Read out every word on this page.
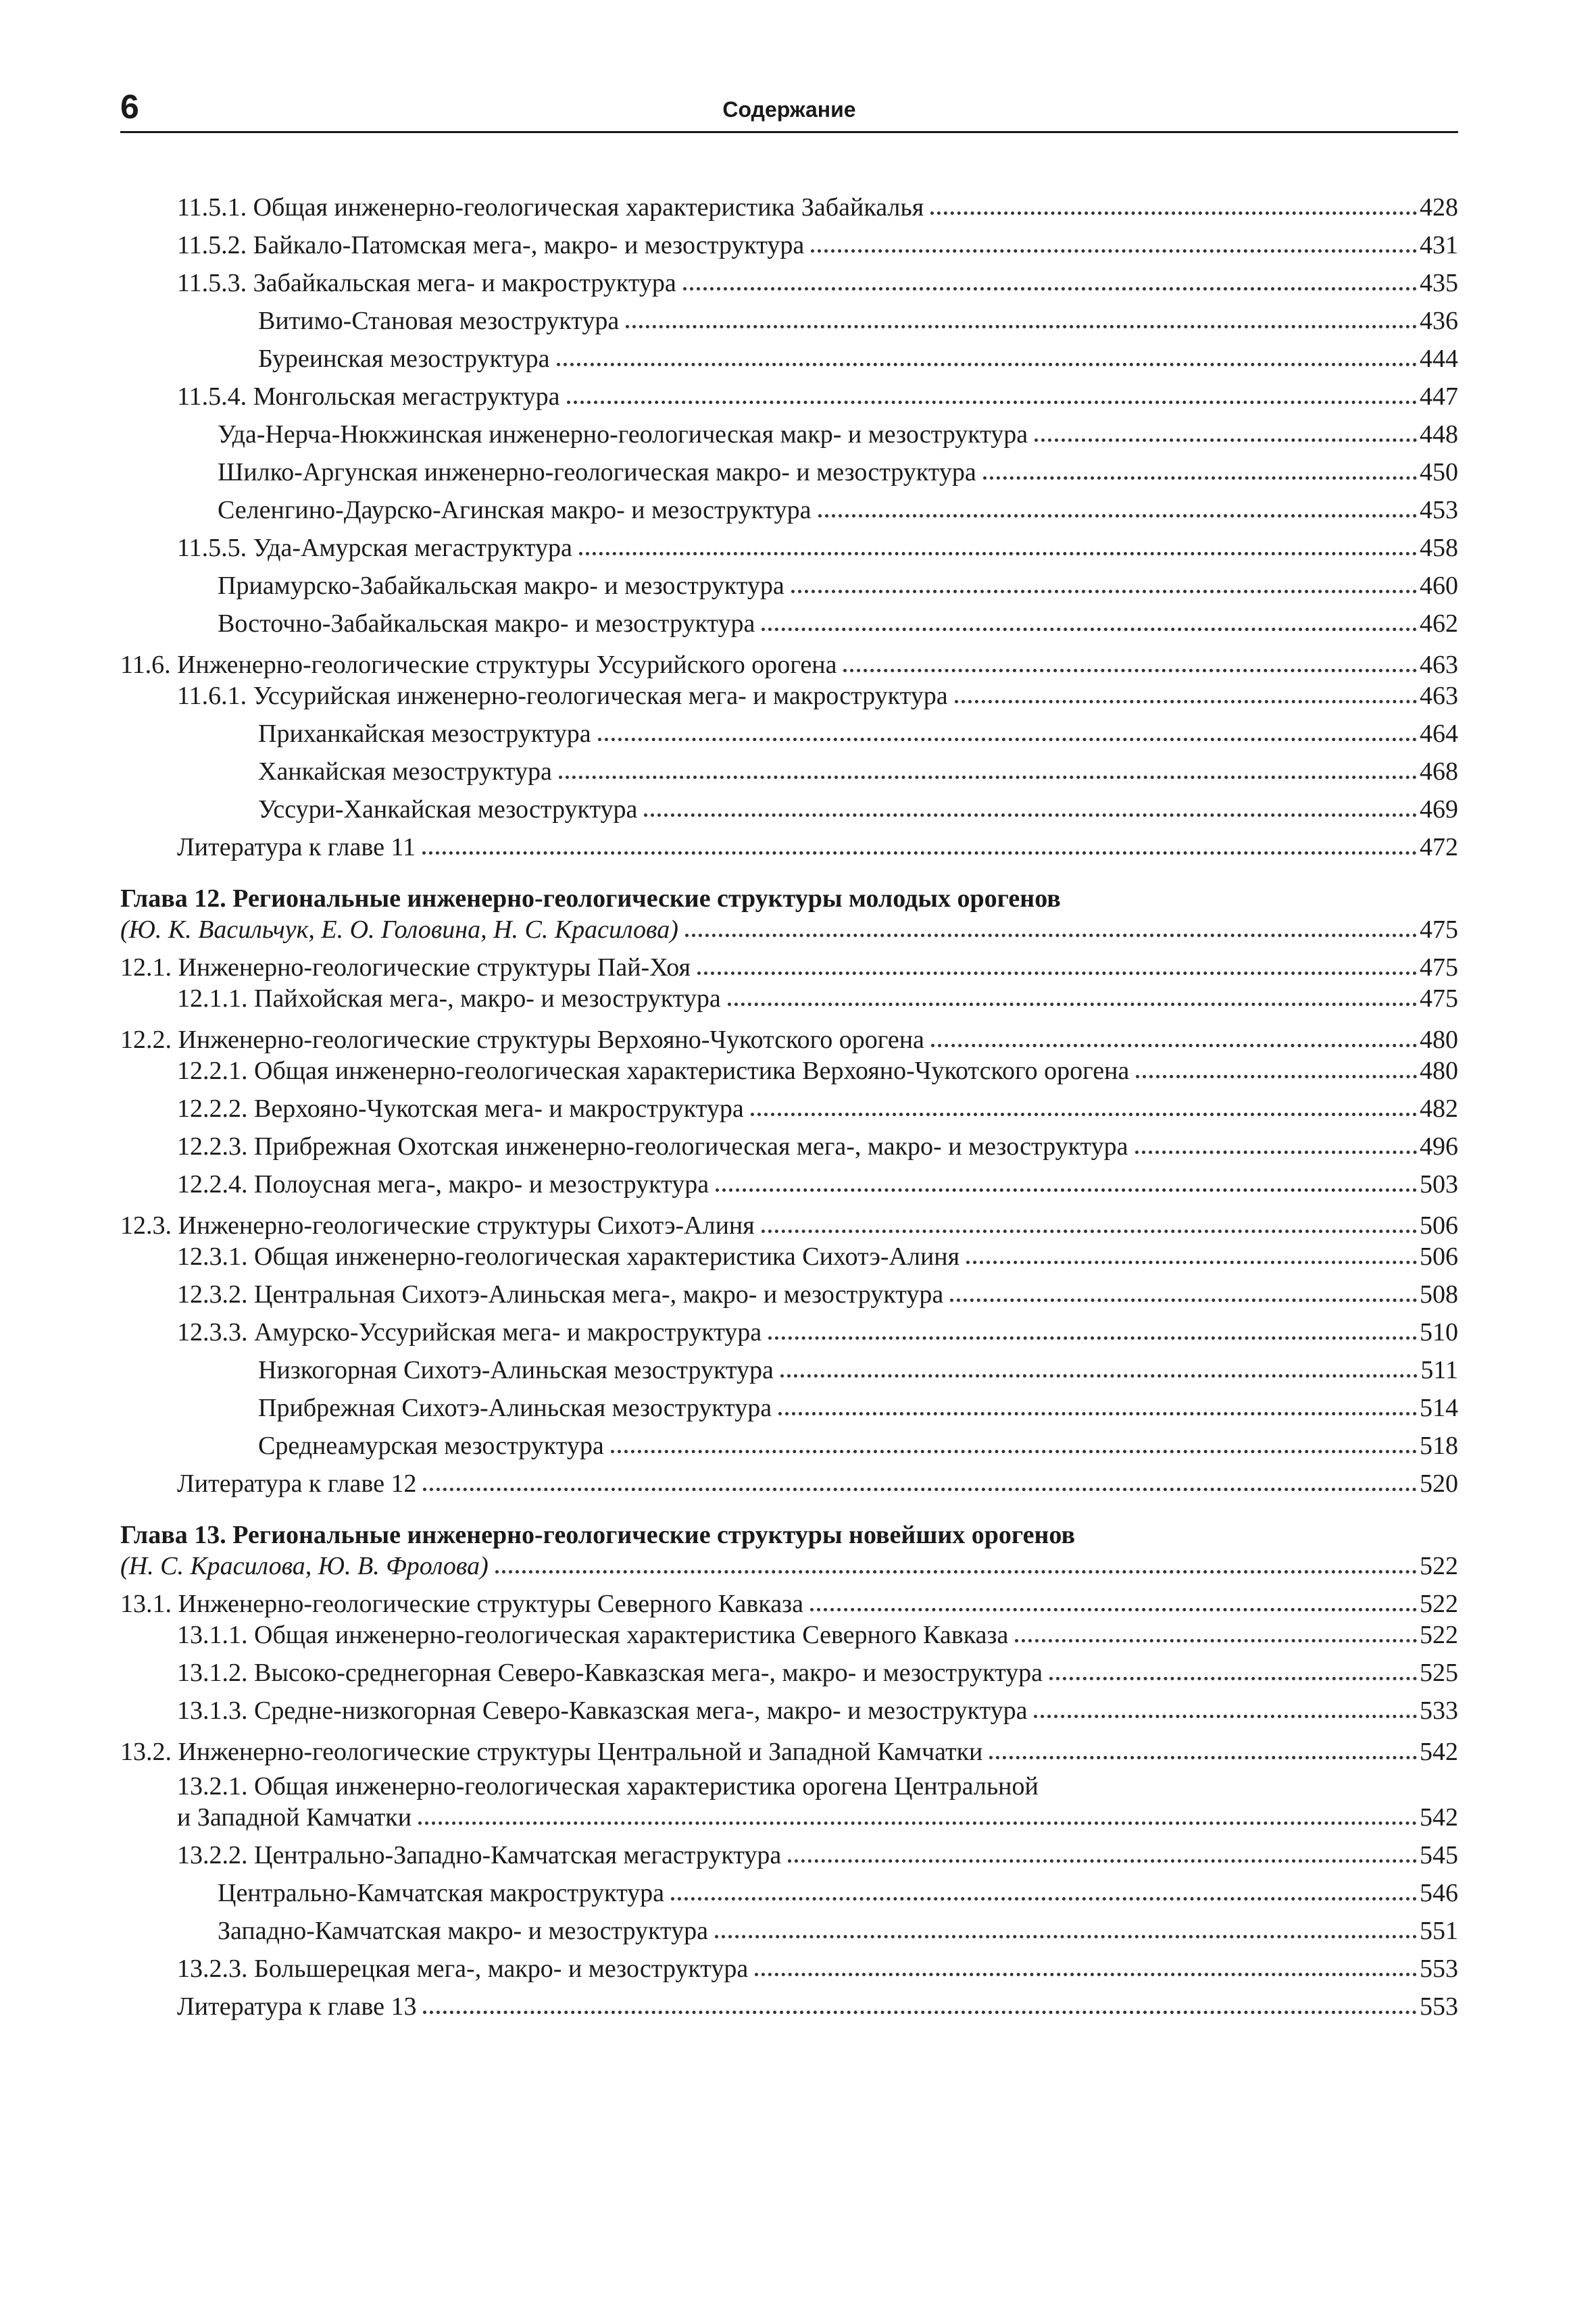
6	Содержание
11.5.1. Общая инженерно-геологическая характеристика Забайкалья	428
11.5.2. Байкало-Патомская мега-, макро- и мезоструктура	431
11.5.3. Забайкальская мега- и макроструктура	435
Витимо-Становая мезоструктура	436
Буреинская мезоструктура	444
11.5.4. Монгольская мегаструктура	447
Уда-Нерча-Нюкжинская инженерно-геологическая макр- и мезоструктура	448
Шилко-Аргунская инженерно-геологическая макро- и мезоструктура	450
Селенгино-Даурско-Агинская макро- и мезоструктура	453
11.5.5. Уда-Амурская мегаструктура	458
Приамурско-Забайкальская макро- и мезоструктура	460
Восточно-Забайкальская макро- и мезоструктура	462
11.6. Инженерно-геологические структуры Уссурийского орогена	463
11.6.1. Уссурийская инженерно-геологическая мега- и макроструктура	463
Приханкайская мезоструктура	464
Ханкайская мезоструктура	468
Уссури-Ханкайская мезоструктура	469
Литература к главе 11	472
Глава 12. Региональные инженерно-геологические структуры молодых орогенов
(Ю. К. Васильчук, Е. О. Головина, Н. С. Красилова)	475
12.1. Инженерно-геологические структуры Пай-Хоя	475
12.1.1. Пайхойская мега-, макро- и мезоструктура	475
12.2. Инженерно-геологические структуры Верхояно-Чукотского орогена	480
12.2.1. Общая инженерно-геологическая характеристика Верхояно-Чукотского орогена	480
12.2.2. Верхояно-Чукотская мега- и макроструктура	482
12.2.3. Прибрежная Охотская инженерно-геологическая мега-, макро- и мезоструктура	496
12.2.4. Полоусная мега-, макро- и мезоструктура	503
12.3. Инженерно-геологические структуры Сихотэ-Алиня	506
12.3.1. Общая инженерно-геологическая характеристика Сихотэ-Алиня	506
12.3.2. Центральная Сихотэ-Алиньская мега-, макро- и мезоструктура	508
12.3.3. Амурско-Уссурийская мега- и макроструктура	510
Низкогорная Сихотэ-Алиньская мезоструктура	511
Прибрежная Сихотэ-Алиньская мезоструктура	514
Среднеамурская мезоструктура	518
Литература к главе 12	520
Глава 13. Региональные инженерно-геологические структуры новейших орогенов
(Н. С. Красилова, Ю. В. Фролова)	522
13.1. Инженерно-геологические структуры Северного Кавказа	522
13.1.1. Общая инженерно-геологическая характеристика Северного Кавказа	522
13.1.2. Высоко-среднегорная Северо-Кавказская мега-, макро- и мезоструктура	525
13.1.3. Средне-низкогорная Северо-Кавказская мега-, макро- и мезоструктура	533
13.2. Инженерно-геологические структуры Центральной и Западной Камчатки	542
13.2.1. Общая инженерно-геологическая характеристика орогена Центральной
и Западной Камчатки	542
13.2.2. Центрально-Западно-Камчатская мегаструктура	545
Центрально-Камчатская макроструктура	546
Западно-Камчатская макро- и мезоструктура	551
13.2.3. Большерецкая мега-, макро- и мезоструктура	553
Литература к главе 13	553
